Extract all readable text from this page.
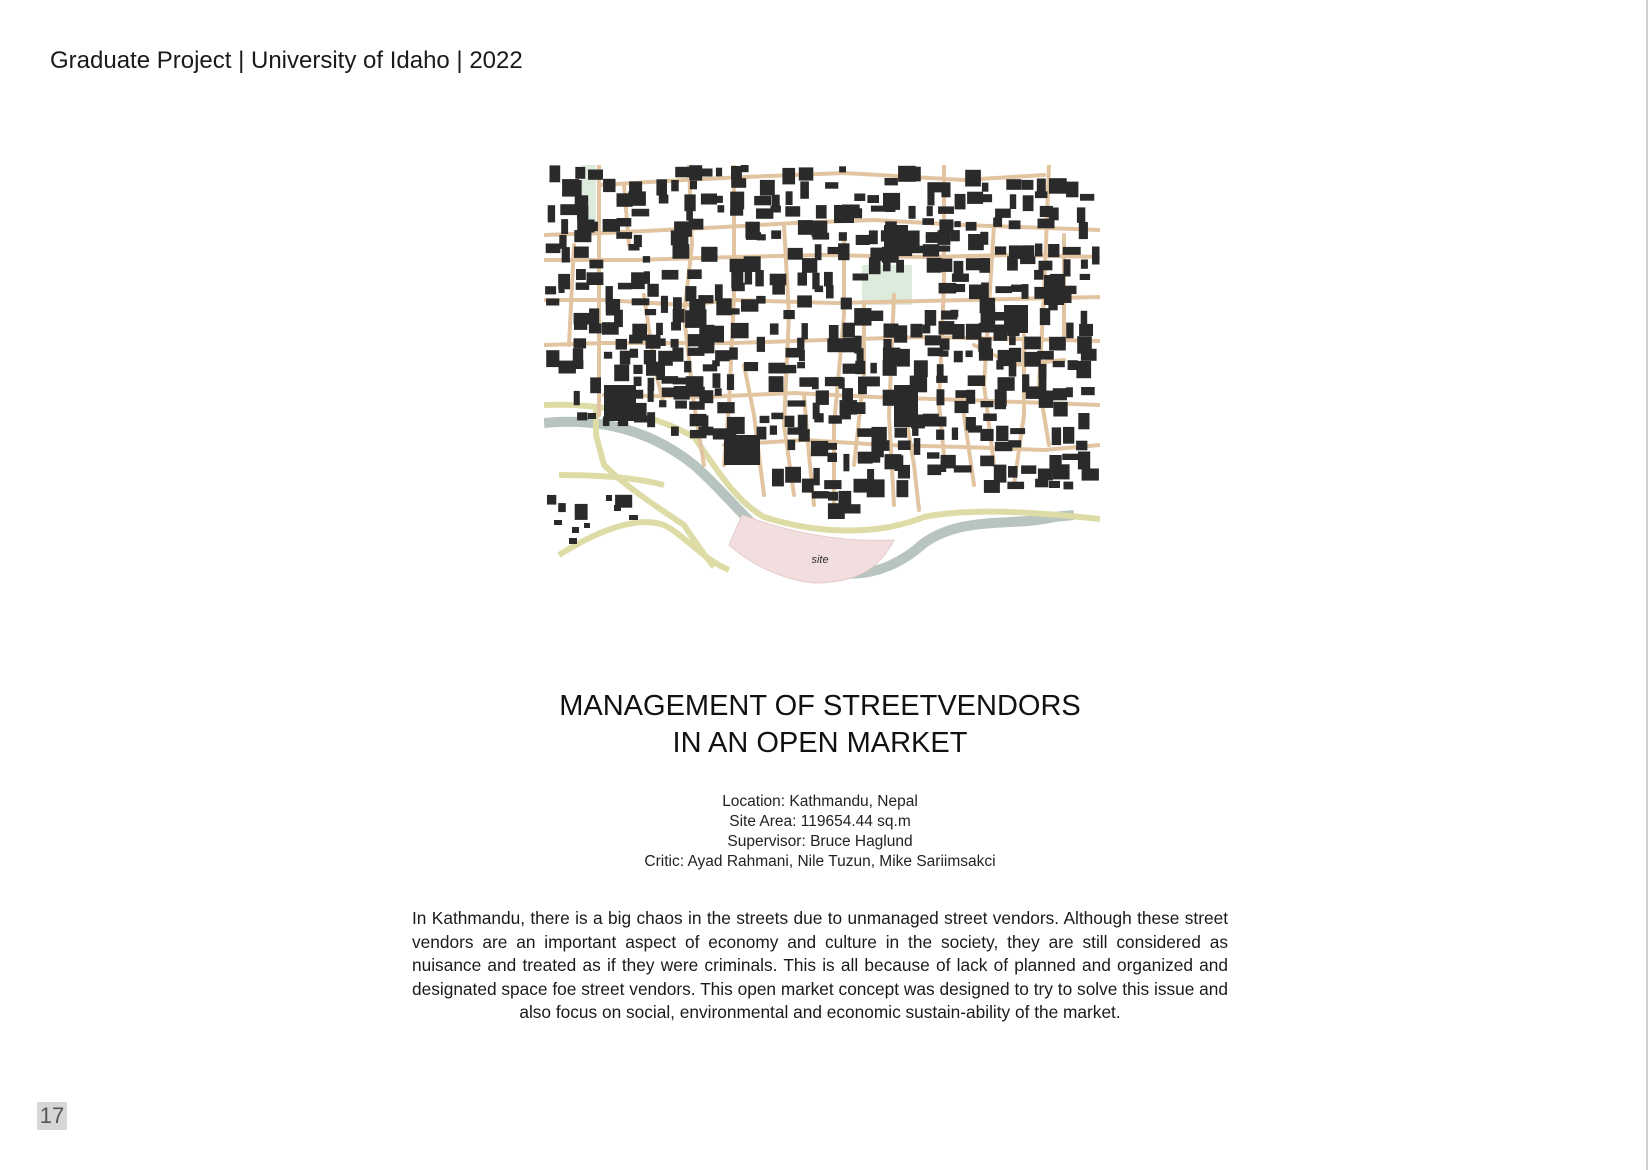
Graduate Project | University of Idaho | 2022
site
MANAGEMENT OF STREETVENDORS
IN AN OPEN MARKET
Location: Kathmandu, Nepal
Site Area: 119654.44 sq.m
Supervisor: Bruce Haglund
Critic: Ayad Rahmani, Nile Tuzun, Mike Sariimsakci
In Kathmandu, there is a big chaos in the streets due to unmanaged street vendors. Although these street vendors are an important aspect of economy and culture in the society, they are still considered as nuisance and treated as if they were criminals. This is all because of lack of planned and organized and designated space foe street vendors. This open market concept was designed to try to solve this issue and also focus on social, environmental and economic sustain-ability of the market.
17
